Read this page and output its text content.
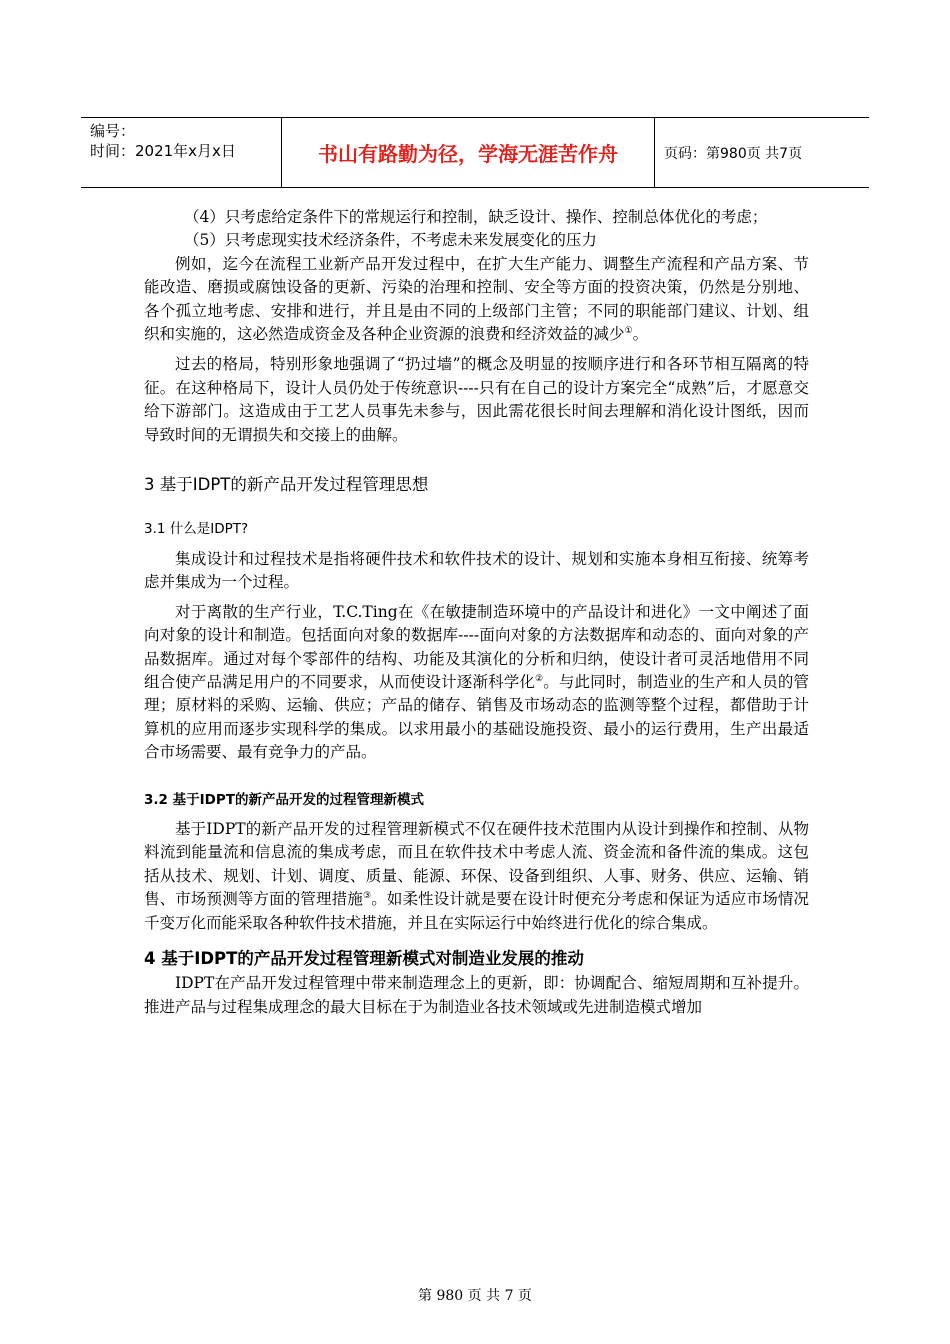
编号：
时间：2021年x月x日	书山有路勤为径，学海无涯苦作舟	页码：第980页 共7页

（4）只考虑给定条件下的常规运行和控制，缺乏设计、操作、控制总体优化的考虑；

（5）只考虑现实技术经济条件，不考虑未来发展变化的压力

例如，迄今在流程工业新产品开发过程中，在扩大生产能力、调整生产流程和产品方案、节能改造、磨损或腐蚀设备的更新、污染的治理和控制、安全等方面的投资决策，仍然是分别地、各个孤立地考虑、安排和进行，并且是由不同的上级部门主管；不同的职能部门建议、计划、组织和实施的，这必然造成资金及各种企业资源的浪费和经济效益的减少①。

过去的格局，特别形象地强调了“扔过墙”的概念及明显的按顺序进行和各环节相互隔离的特征。在这种格局下，设计人员仍处于传统意识----只有在自己的设计方案完全“成熟”后，才愿意交给下游部门。这造成由于工艺人员事先未参与，因此需花很长时间去理解和消化设计图纸，因而导致时间的无谓损失和交接上的曲解。

3 基于IDPT的新产品开发过程管理思想

3.1 什么是IDPT?

集成设计和过程技术是指将硬件技术和软件技术的设计、规划和实施本身相互衔接、统筹考虑并集成为一个过程。

对于离散的生产行业，T.C.Ting在《在敏捷制造环境中的产品设计和进化》一文中阐述了面向对象的设计和制造。包括面向对象的数据库----面向对象的方法数据库和动态的、面向对象的产品数据库。通过对每个零部件的结构、功能及其演化的分析和归纳，使设计者可灵活地借用不同组合使产品满足用户的不同要求，从而使设计逐渐科学化②。与此同时，制造业的生产和人员的管理；原材料的采购、运输、供应；产品的储存、销售及市场动态的监测等整个过程，都借助于计算机的应用而逐步实现科学的集成。以求用最小的基础设施投资、最小的运行费用，生产出最适合市场需要、最有竞争力的产品。

3.2 基于IDPT的新产品开发的过程管理新模式

基于IDPT的新产品开发的过程管理新模式不仅在硬件技术范围内从设计到操作和控制、从物料流到能量流和信息流的集成考虑，而且在软件技术中考虑人流、资金流和备件流的集成。这包括从技术、规划、计划、调度、质量、能源、环保、设备到组织、人事、财务、供应、运输、销售、市场预测等方面的管理措施③。如柔性设计就是要在设计时便充分考虑和保证为适应市场情况千变万化而能采取各种软件技术措施，并且在实际运行中始终进行优化的综合集成。

4 基于IDPT的产品开发过程管理新模式对制造业发展的推动

IDPT在产品开发过程管理中带来制造理念上的更新，即：协调配合、缩短周期和互补提升。推进产品与过程集成理念的最大目标在于为制造业各技术领域或先进制造模式增加

第 980 页 共 7 页
